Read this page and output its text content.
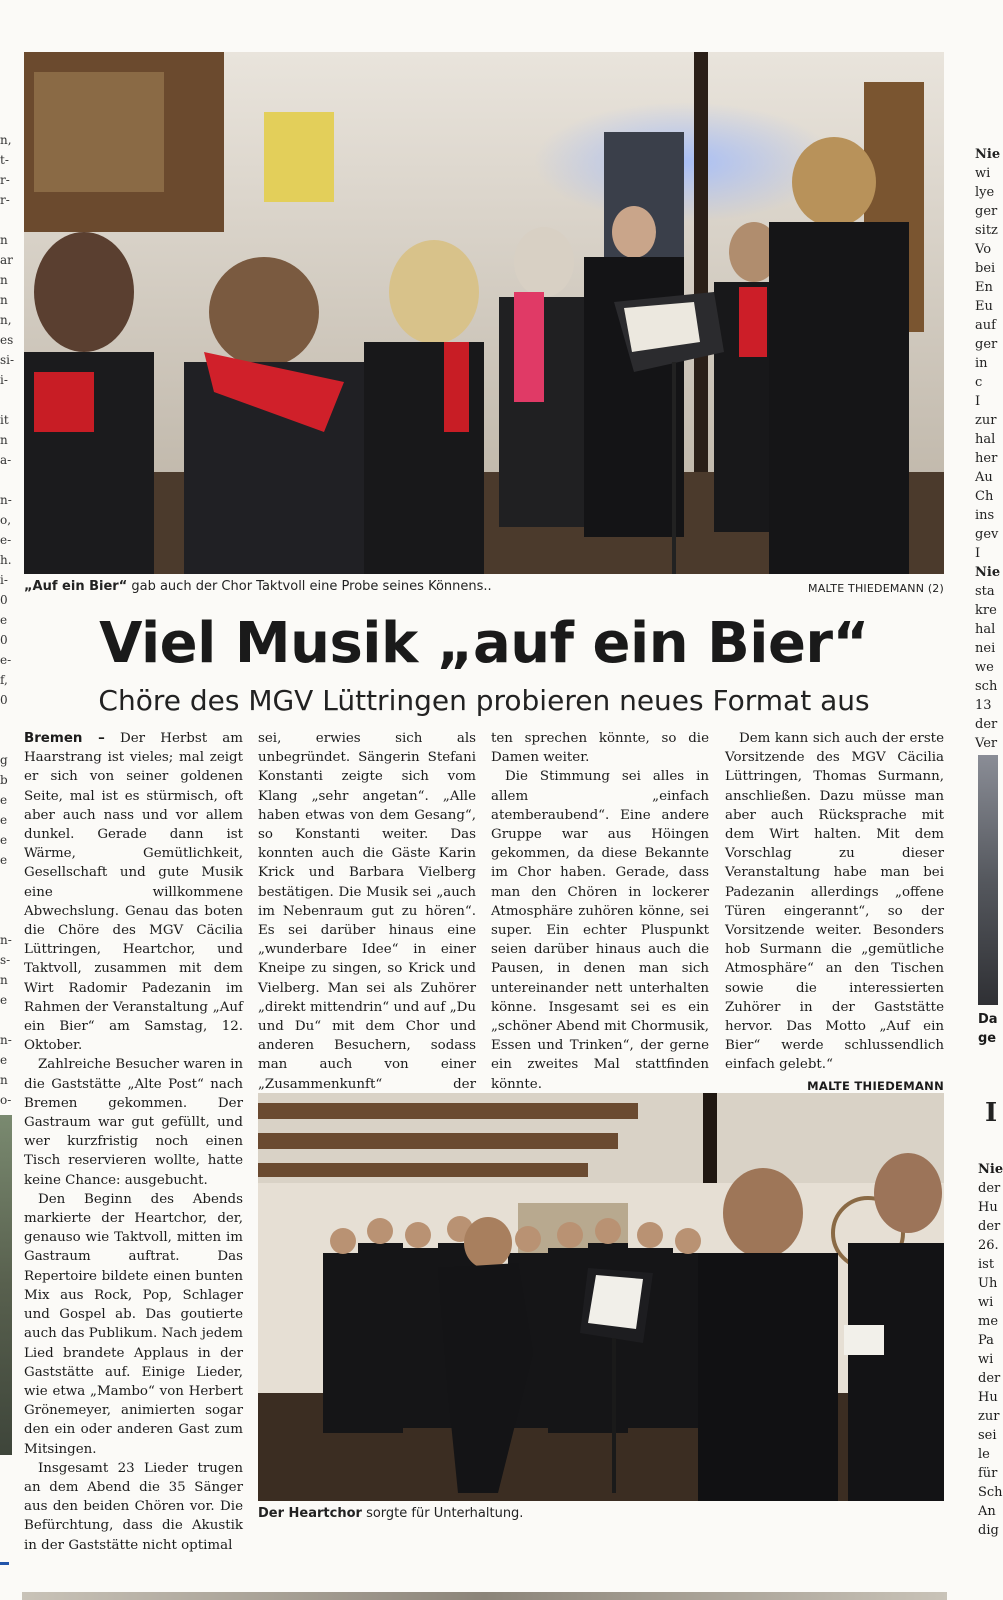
n,
t-
r-
r-

n
ar
n
n
n,
es
si-
i-

it
n
a-

n-
o,
e-
h.
i-
0
e
0
e-
f,
0

g
b
e
e
e
e

n-
s-
n
e

n-
e
n
o-
Nie
wi
lye
ger
sitz
Vo
bei
En
Eu
auf
ger
in c
I
zur
hal
her
Au
Ch
ins
gev
I
Nie
sta
kre
hal
nei
we
sch
13
der
Ver
Da
ge
I
Nie
der
Hu
der
26.
ist
Uh
wi
me
Pa
wi
der
Hu
zur
sei
le
für
Sch
An
dig
„Auf ein Bier“ gab auch der Chor Taktvoll eine Probe seines Könnens..	MALTE THIEDEMANN (2)
Viel Musik „auf ein Bier“
Chöre des MGV Lüttringen probieren neues Format aus

Bremen – Der Herbst am Haarstrang ist vieles; mal zeigt er sich von seiner goldenen Seite, mal ist es stürmisch, oft aber auch nass und vor allem dunkel. Gerade dann ist Wärme, Gemütlichkeit, Gesellschaft und gute Musik eine willkommene Abwechslung. Genau das boten die Chöre des MGV Cäcilia Lüttringen, Heartchor, und Taktvoll, zusammen mit dem Wirt Radomir Padezanin im Rahmen der Veranstaltung „Auf ein Bier“ am Samstag, 12. Oktober.

Zahlreiche Besucher waren in die Gaststätte „Alte Post“ nach Bremen gekommen. Der Gastraum war gut gefüllt, und wer kurzfristig noch einen Tisch reservieren wollte, hatte keine Chance: ausgebucht.

Den Beginn des Abends markierte der Heartchor, der, genauso wie Taktvoll, mitten im Gastraum auftrat. Das Repertoire bildete einen bunten Mix aus Rock, Pop, Schlager und Gospel ab. Das goutierte auch das Publikum. Nach jedem Lied brandete Applaus in der Gaststätte auf. Einige Lieder, wie etwa „Mambo“ von Herbert Grönemeyer, animierten sogar den ein oder anderen Gast zum Mitsingen.

Insgesamt 23 Lieder trugen an dem Abend die 35 Sänger aus den beiden Chören vor. Die Befürchtung, dass die Akustik in der Gaststätte nicht optimal

sei, erwies sich als unbegründet. Sängerin Stefani Konstanti zeigte sich vom Klang „sehr angetan“. „Alle haben etwas von dem Gesang“, so Konstanti weiter. Das konnten auch die Gäste Karin Krick und Barbara Vielberg bestätigen. Die Musik sei „auch im Nebenraum gut zu hören“. Es sei darüber hinaus eine „wunderbare Idee“ in einer Kneipe zu singen, so Krick und Vielberg. Man sei als Zuhörer „direkt mittendrin“ und auf „Du und Du“ mit dem Chor und anderen Besuchern, sodass man auch von einer „Zusammenkunft“ der

ten sprechen könnte, so die Damen weiter.

Die Stimmung sei alles in allem „einfach atemberaubend“. Eine andere Gruppe war aus Höingen gekommen, da diese Bekannte im Chor haben. Gerade, dass man den Chören in lockerer Atmosphäre zuhören könne, sei super. Ein echter Pluspunkt seien darüber hinaus auch die Pausen, in denen man sich untereinander nett unterhalten könne. Insgesamt sei es ein „schöner Abend mit Chormusik, Essen und Trinken“, der gerne ein zweites Mal stattfinden könnte.

Dem kann sich auch der erste Vorsitzende des MGV Cäcilia Lüttringen, Thomas Surmann, anschließen. Dazu müsse man aber auch Rücksprache mit dem Wirt halten. Mit dem Vorschlag zu dieser Veranstaltung habe man bei Padezanin allerdings „offene Türen eingerannt“, so der Vorsitzende weiter. Besonders hob Surmann die „gemütliche Atmosphäre“ an den Tischen sowie die interessierten Zuhörer in der Gaststätte hervor. Das Motto „Auf ein Bier“ werde schlussendlich einfach gelebt.“

MALTE THIEDEMANN

Der Heartchor sorgte für Unterhaltung.
